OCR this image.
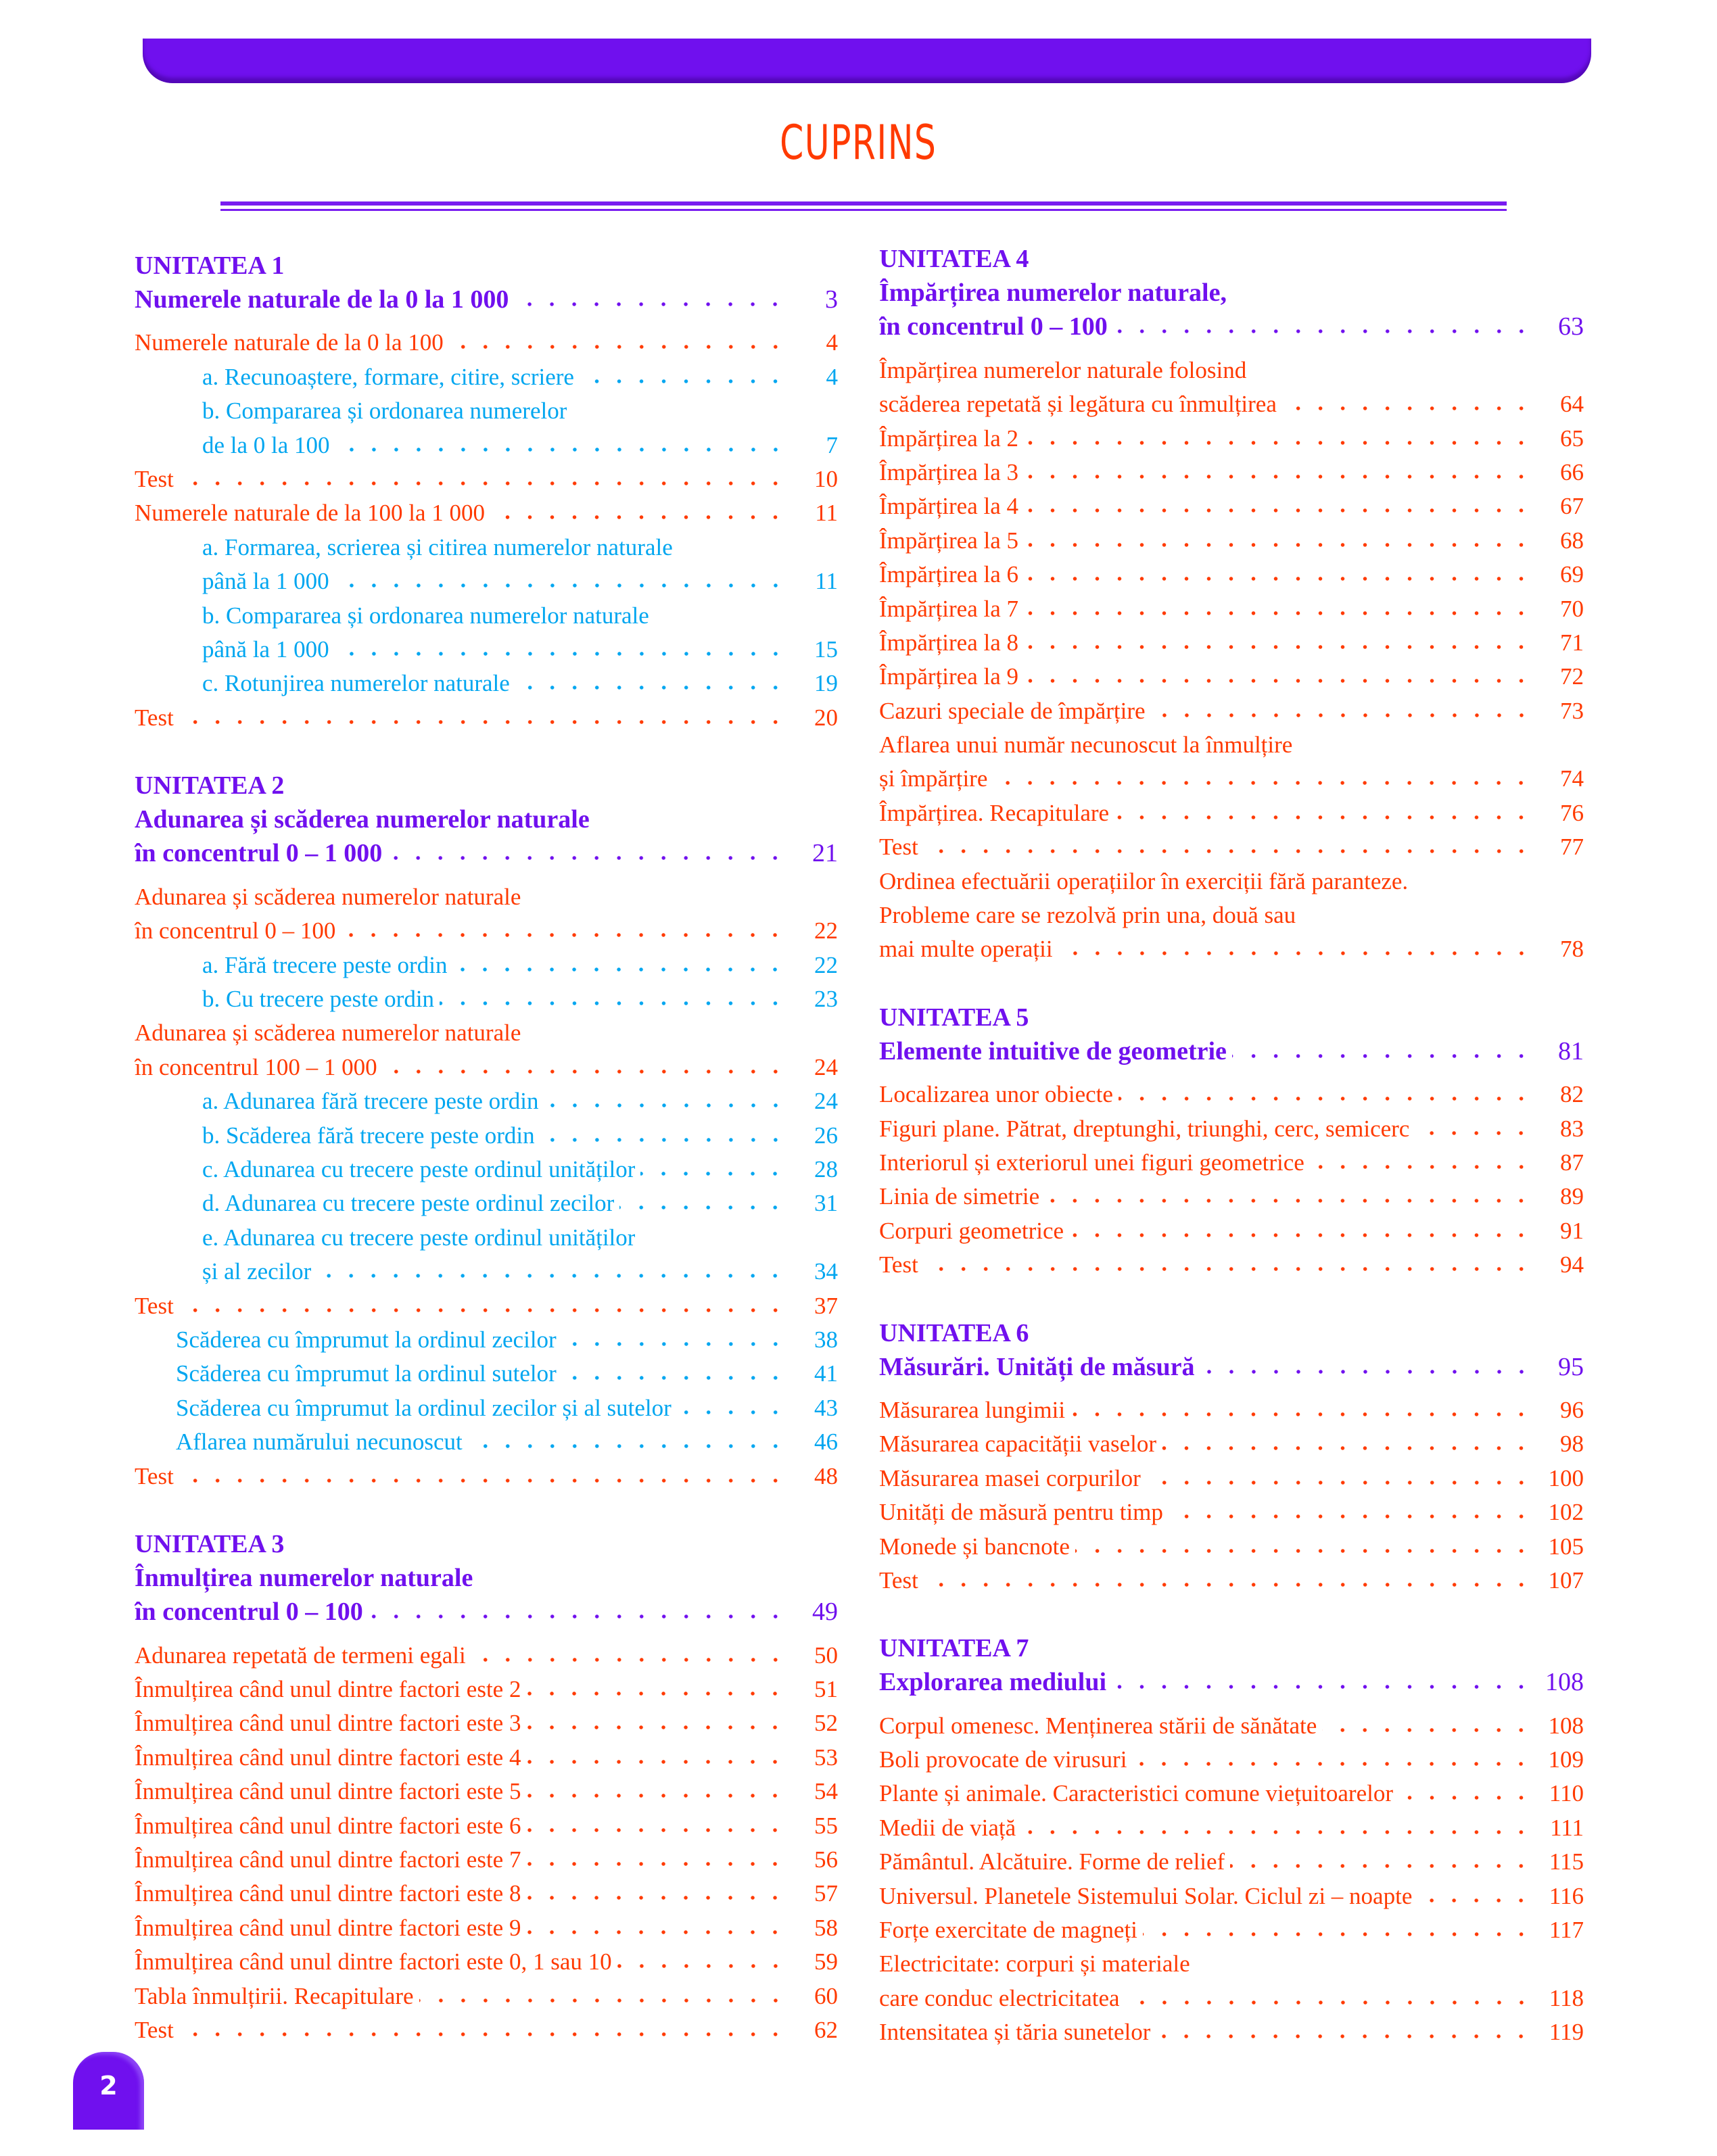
CUPRINS
UNITATEA 1
Numerele naturale de la 0 la 1 000	3
Numerele naturale de la 0 la 100	4
a. Recunoaștere, formare, citire, scriere	4
b. Compararea și ordonarea numerelor
de la 0 la 100	7
Test	10
Numerele naturale de la 100 la 1 000	11
a. Formarea, scrierea și citirea numerelor naturale
până la 1 000	11
b. Compararea și ordonarea numerelor naturale
până la 1 000	15
c. Rotunjirea numerelor naturale	19
Test	20
UNITATEA 2
Adunarea și scăderea numerelor naturale
în concentrul 0 – 1 000	21
Adunarea și scăderea numerelor naturale
în concentrul 0 – 100	22
a. Fără trecere peste ordin	22
b. Cu trecere peste ordin	23
Adunarea și scăderea numerelor naturale
în concentrul 100 – 1 000	24
a. Adunarea fără trecere peste ordin	24
b. Scăderea fără trecere peste ordin	26
c. Adunarea cu trecere peste ordinul unităților	28
d. Adunarea cu trecere peste ordinul zecilor	31
e. Adunarea cu trecere peste ordinul unităților
și al zecilor	34
Test	37
Scăderea cu împrumut la ordinul zecilor	38
Scăderea cu împrumut la ordinul sutelor	41
Scăderea cu împrumut la ordinul zecilor și al sutelor	43
Aflarea numărului necunoscut	46
Test	48
UNITATEA 3
Înmulțirea numerelor naturale
în concentrul 0 – 100	49
Adunarea repetată de termeni egali	50
Înmulțirea când unul dintre factori este 2	51
Înmulțirea când unul dintre factori este 3	52
Înmulțirea când unul dintre factori este 4	53
Înmulțirea când unul dintre factori este 5	54
Înmulțirea când unul dintre factori este 6	55
Înmulțirea când unul dintre factori este 7	56
Înmulțirea când unul dintre factori este 8	57
Înmulțirea când unul dintre factori este 9	58
Înmulțirea când unul dintre factori este 0, 1 sau 10	59
Tabla înmulțirii. Recapitulare	60
Test	62
UNITATEA 4
Împărțirea numerelor naturale,
în concentrul 0 – 100	63
Împărțirea numerelor naturale folosind
scăderea repetată și legătura cu înmulțirea	64
Împărțirea la 2	65
Împărțirea la 3	66
Împărțirea la 4	67
Împărțirea la 5	68
Împărțirea la 6	69
Împărțirea la 7	70
Împărțirea la 8	71
Împărțirea la 9	72
Cazuri speciale de împărțire	73
Aflarea unui număr necunoscut la înmulțire
și împărțire	74
Împărțirea. Recapitulare	76
Test	77
Ordinea efectuării operațiilor în exerciții fără paranteze.
Probleme care se rezolvă prin una, două sau
mai multe operații	78
UNITATEA 5
Elemente intuitive de geometrie	81
Localizarea unor obiecte	82
Figuri plane. Pătrat, dreptunghi, triunghi, cerc, semicerc	83
Interiorul și exteriorul unei figuri geometrice	87
Linia de simetrie	89
Corpuri geometrice	91
Test	94
UNITATEA 6
Măsurări. Unități de măsură	95
Măsurarea lungimii	96
Măsurarea capacității vaselor	98
Măsurarea masei corpurilor	100
Unități de măsură pentru timp	102
Monede și bancnote	105
Test	107
UNITATEA 7
Explorarea mediului	108
Corpul omenesc. Menținerea stării de sănătate	108
Boli provocate de virusuri	109
Plante și animale. Caracteristici comune viețuitoarelor	110
Medii de viață	111
Pământul. Alcătuire. Forme de relief	115
Universul. Planetele Sistemului Solar. Ciclul zi – noapte	116
Forțe exercitate de magneți	117
Electricitate: corpuri și materiale
care conduc electricitatea	118
Intensitatea și tăria sunetelor	119
2
